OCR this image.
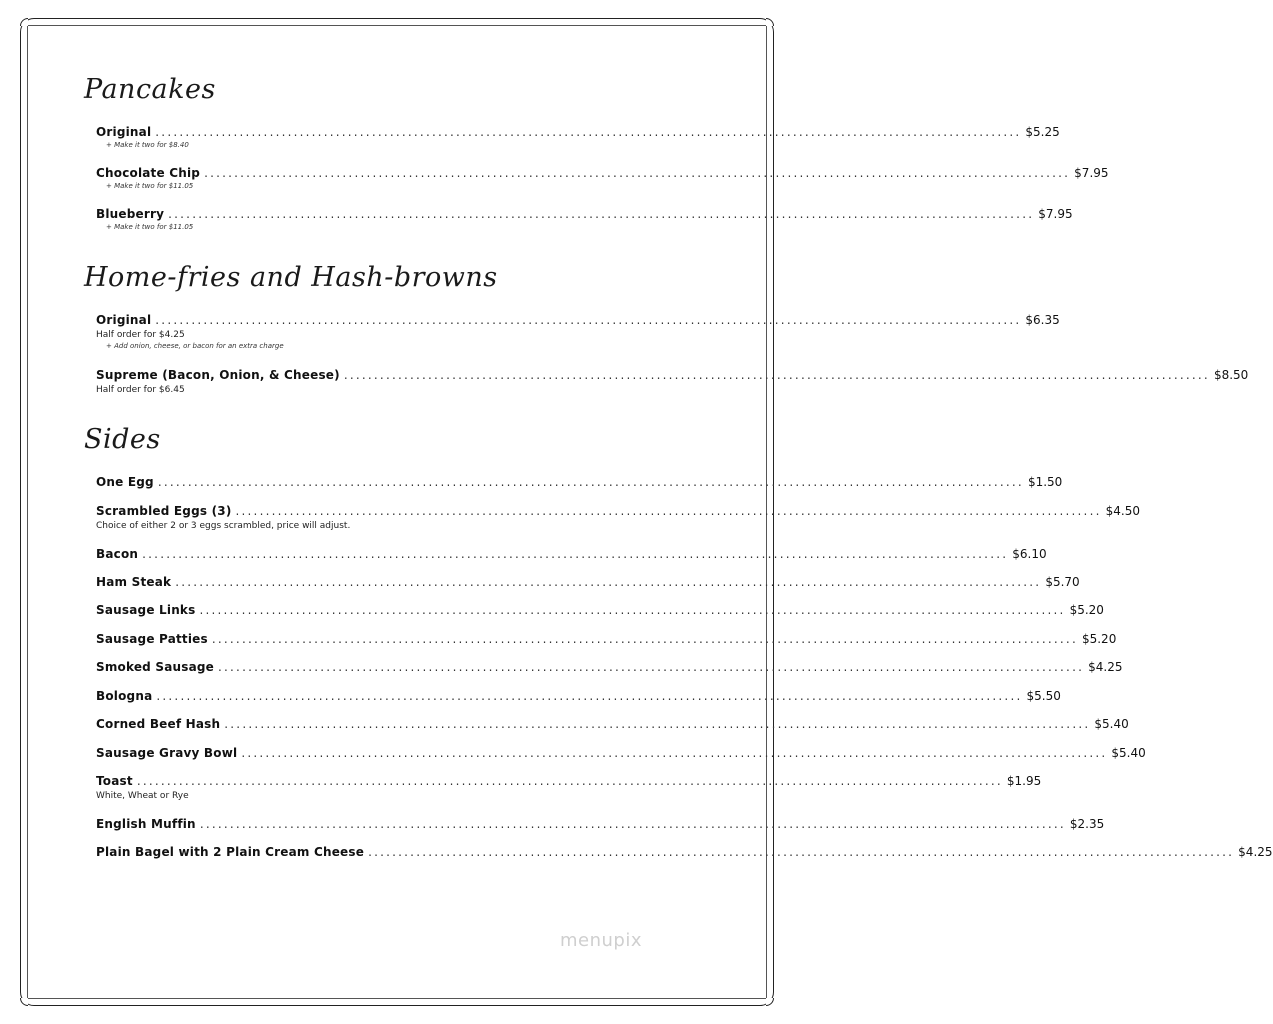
Pancakes
Original ................................................................................................................................................ $5.25
+ Make it two for $8.40
Chocolate Chip ................................................................................................................................................ $7.95
+ Make it two for $11.05
Blueberry ................................................................................................................................................ $7.95
+ Make it two for $11.05
Home-fries and Hash-browns
Original ................................................................................................................................................ $6.35
Half order for $4.25
+ Add onion, cheese, or bacon for an extra charge
Supreme (Bacon, Onion, & Cheese) ................................................................................................................................................ $8.50
Half order for $6.45
Sides
One Egg ................................................................................................................................................ $1.50
Scrambled Eggs (3) ................................................................................................................................................ $4.50
Choice of either 2 or 3 eggs scrambled, price will adjust.
Bacon ................................................................................................................................................ $6.10
Ham Steak ................................................................................................................................................ $5.70
Sausage Links ................................................................................................................................................ $5.20
Sausage Patties ................................................................................................................................................ $5.20
Smoked Sausage ................................................................................................................................................ $4.25
Bologna ................................................................................................................................................ $5.50
Corned Beef Hash ................................................................................................................................................ $5.40
Sausage Gravy Bowl ................................................................................................................................................ $5.40
Toast ................................................................................................................................................ $1.95
White, Wheat or Rye
English Muffin ................................................................................................................................................ $2.35
Plain Bagel with 2 Plain Cream Cheese ................................................................................................................................................ $4.25
menupix
